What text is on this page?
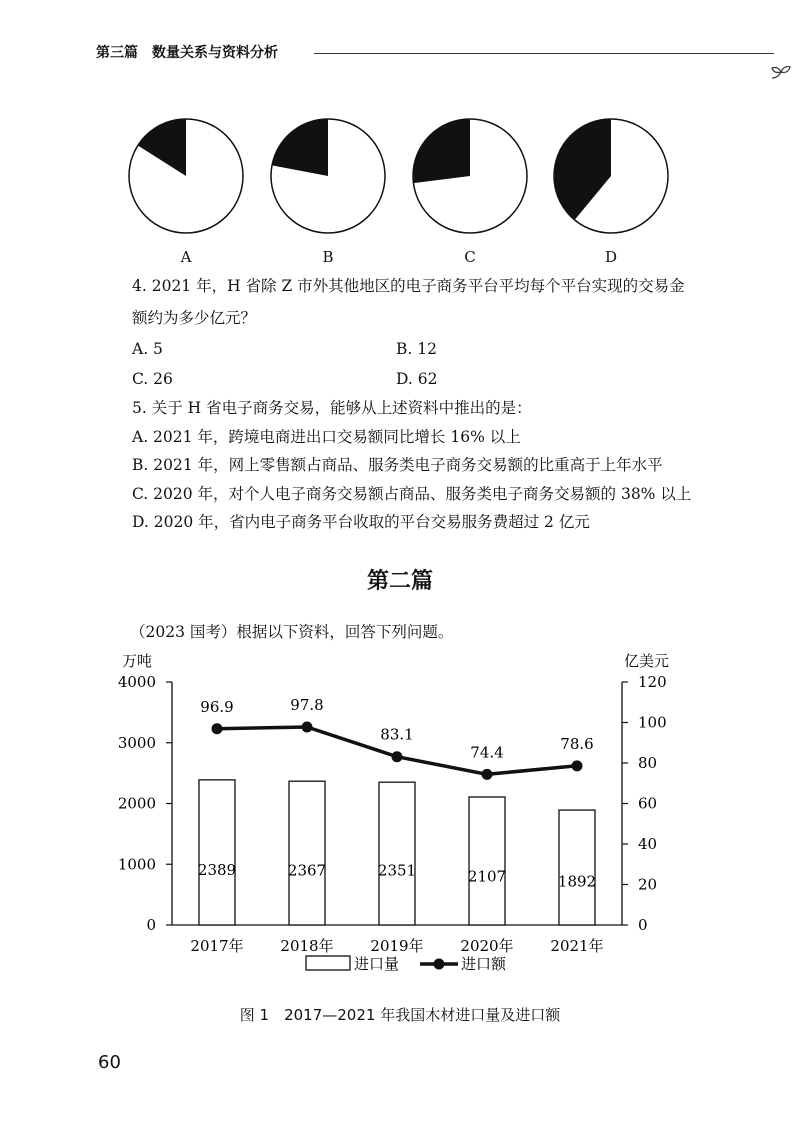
第三篇　数量关系与资料分析
A	B	C	D
4. 2021 年，H 省除 Z 市外其他地区的电子商务平台平均每个平台实现的交易金
额约为多少亿元？
A. 5	B. 12
C. 26	D. 62
5. 关于 H 省电子商务交易，能够从上述资料中推出的是：
A. 2021 年，跨境电商进出口交易额同比增长 16% 以上
B. 2021 年，网上零售额占商品、服务类电子商务交易额的比重高于上年水平
C. 2020 年，对个人电子商务交易额占商品、服务类电子商务交易额的 38% 以上
D. 2020 年，省内电子商务平台收取的平台交易服务费超过 2 亿元
第二篇
（2023 国考）根据以下资料，回答下列问题。
万吨	亿美元
0
1000
2000
3000
4000
0
20
40
60
80
100
120
2389
2017年
2367
2018年
2351
2019年
2107
2020年
1892
2021年
96.9	97.8
83.1
74.4	78.6
进口量	进口额
图 1　2017—2021 年我国木材进口量及进口额
60
